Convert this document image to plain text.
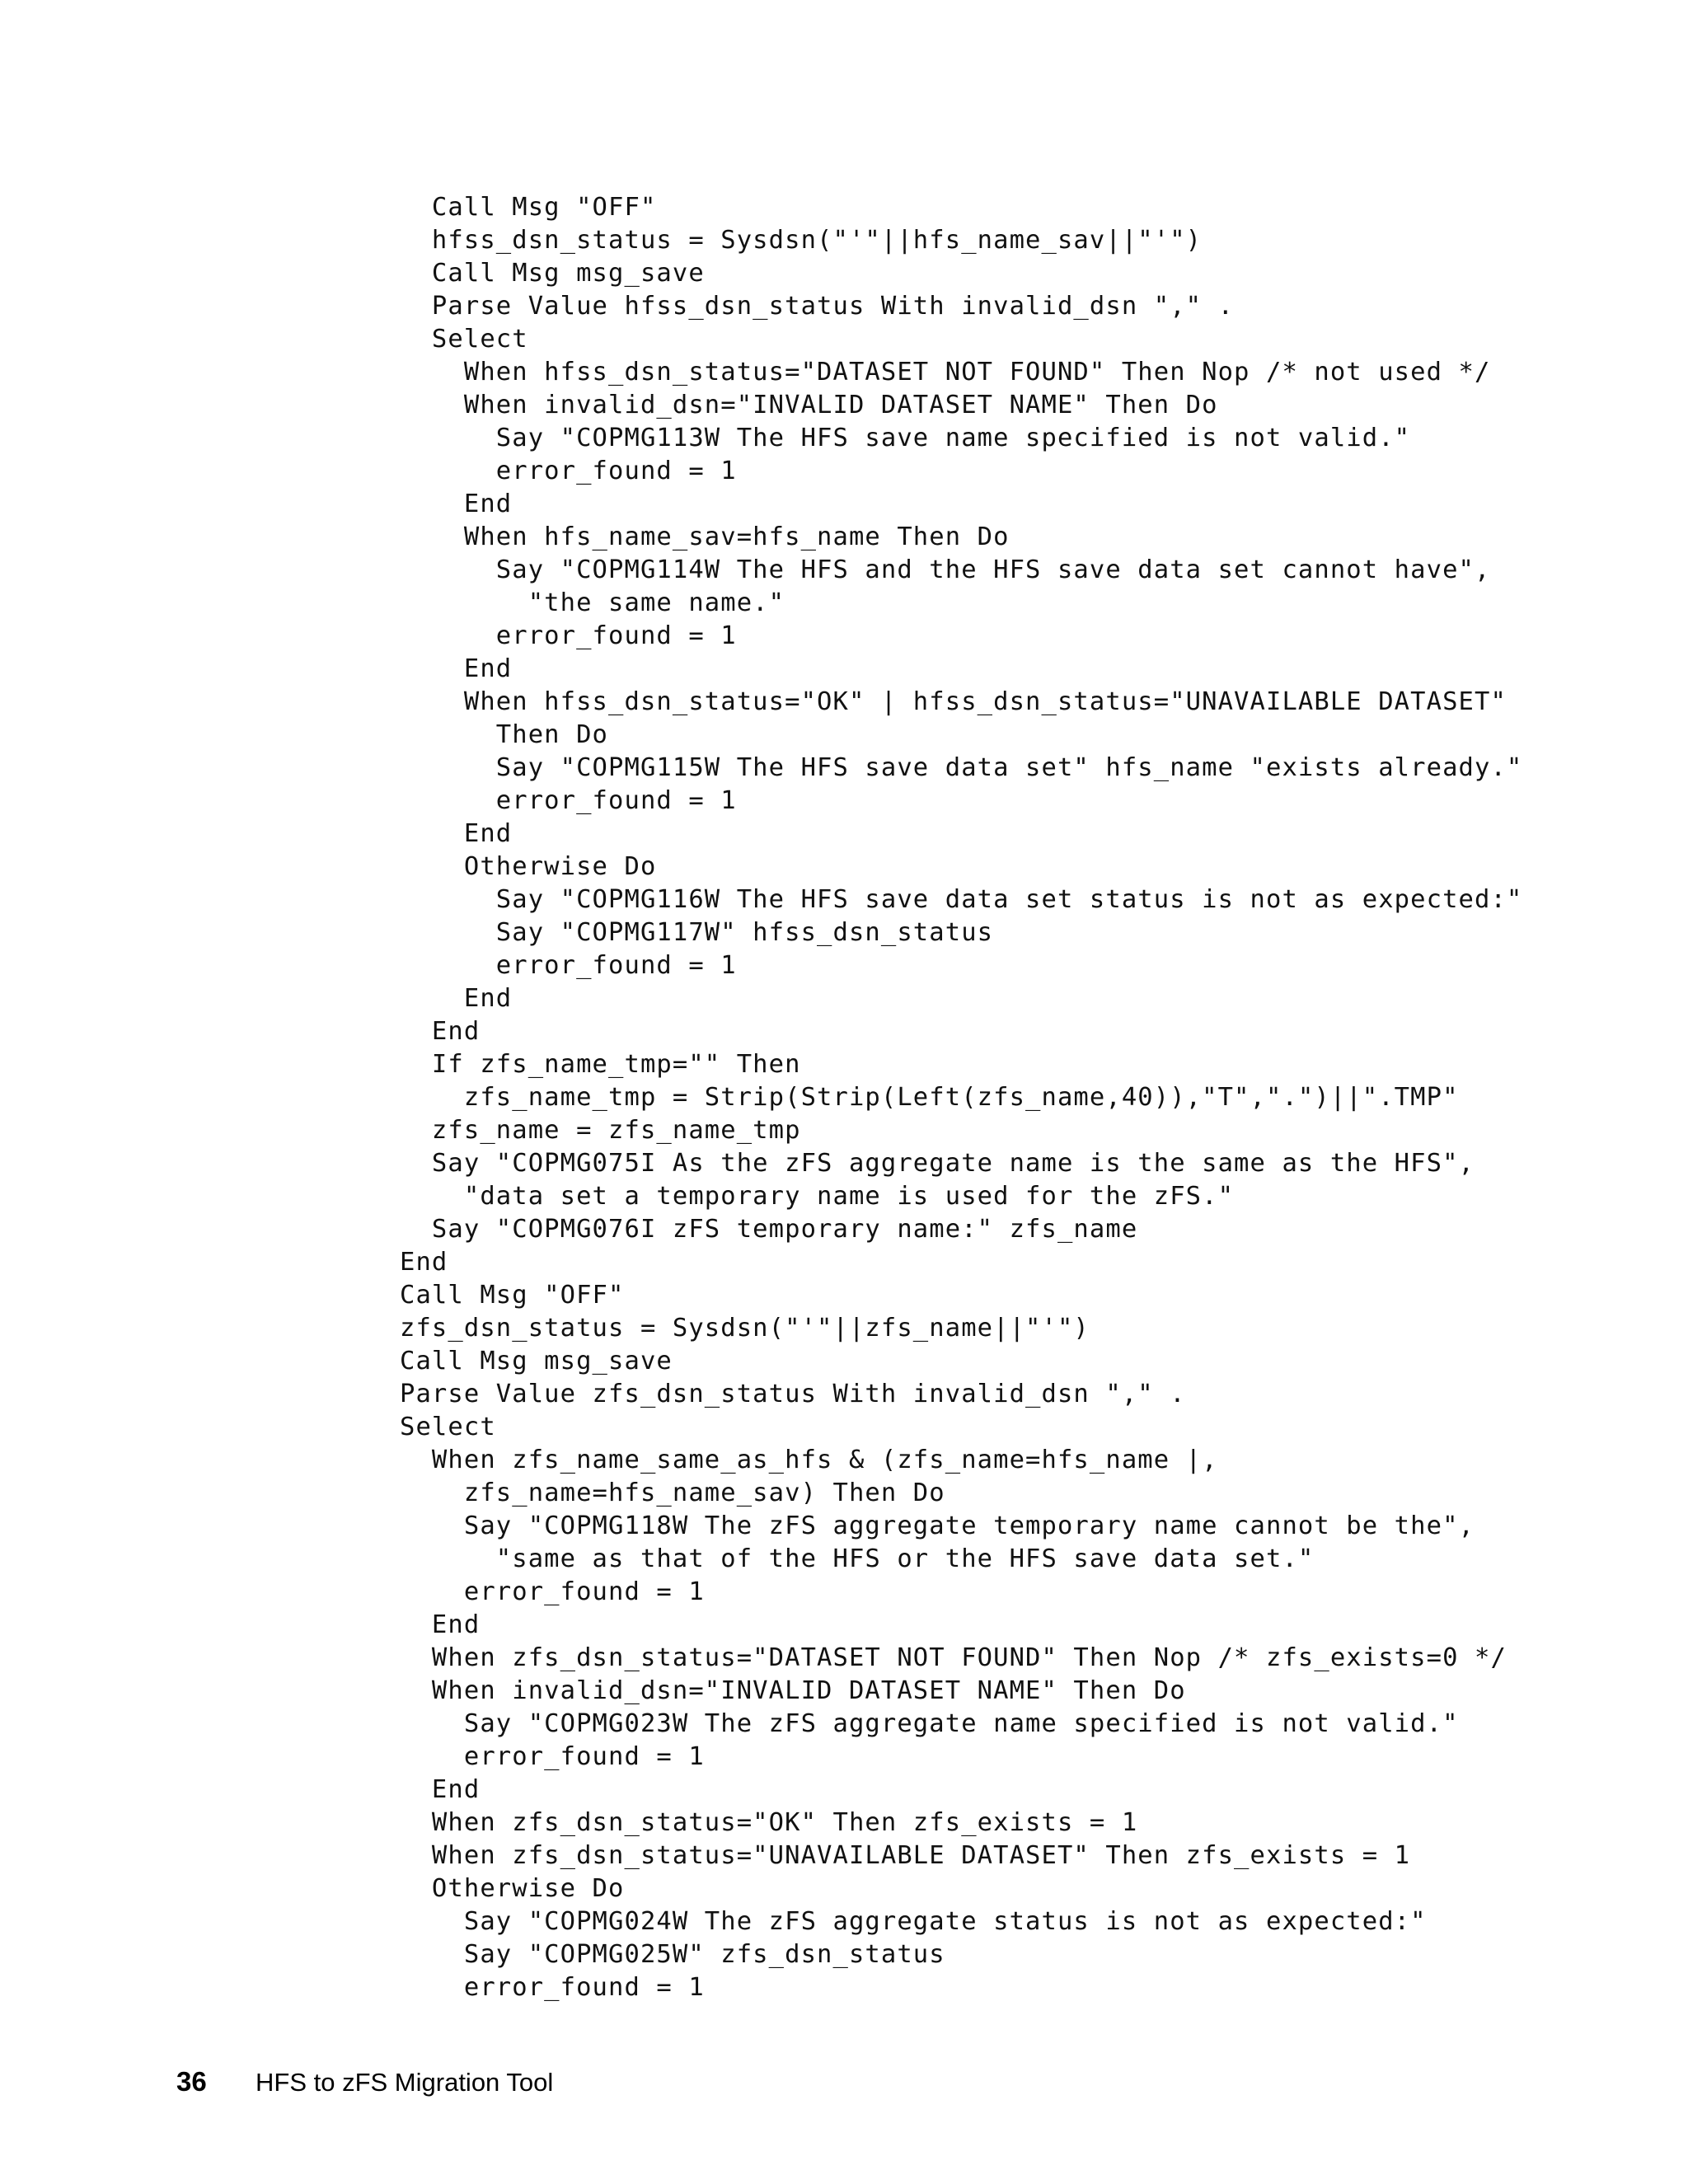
Call Msg "OFF"
hfss_dsn_status = Sysdsn("'"||hfs_name_sav||"'")
Call Msg msg_save
Parse Value hfss_dsn_status With invalid_dsn "," .
Select
When hfss_dsn_status="DATASET NOT FOUND" Then Nop /* not used */
When invalid_dsn="INVALID DATASET NAME" Then Do
Say "COPMG113W The HFS save name specified is not valid."
error_found = 1
End
When hfs_name_sav=hfs_name Then Do
Say "COPMG114W The HFS and the HFS save data set cannot have",
"the same name."
error_found = 1
End
When hfss_dsn_status="OK" | hfss_dsn_status="UNAVAILABLE DATASET"
Then Do
Say "COPMG115W The HFS save data set" hfs_name "exists already."
error_found = 1
End
Otherwise Do
Say "COPMG116W The HFS save data set status is not as expected:"
Say "COPMG117W" hfss_dsn_status
error_found = 1
End
End
If zfs_name_tmp="" Then
zfs_name_tmp = Strip(Strip(Left(zfs_name,40)),"T",".")||".TMP"
zfs_name = zfs_name_tmp
Say "COPMG075I As the zFS aggregate name is the same as the HFS",
"data set a temporary name is used for the zFS."
Say "COPMG076I zFS temporary name:" zfs_name
End
Call Msg "OFF"
zfs_dsn_status = Sysdsn("'"||zfs_name||"'")
Call Msg msg_save
Parse Value zfs_dsn_status With invalid_dsn "," .
Select
When zfs_name_same_as_hfs & (zfs_name=hfs_name |,
zfs_name=hfs_name_sav) Then Do
Say "COPMG118W The zFS aggregate temporary name cannot be the",
"same as that of the HFS or the HFS save data set."
error_found = 1
End
When zfs_dsn_status="DATASET NOT FOUND" Then Nop /* zfs_exists=0 */
When invalid_dsn="INVALID DATASET NAME" Then Do
Say "COPMG023W The zFS aggregate name specified is not valid."
error_found = 1
End
When zfs_dsn_status="OK" Then zfs_exists = 1
When zfs_dsn_status="UNAVAILABLE DATASET" Then zfs_exists = 1
Otherwise Do
Say "COPMG024W The zFS aggregate status is not as expected:"
Say "COPMG025W" zfs_dsn_status
error_found = 1
36 HFS to zFS Migration Tool
